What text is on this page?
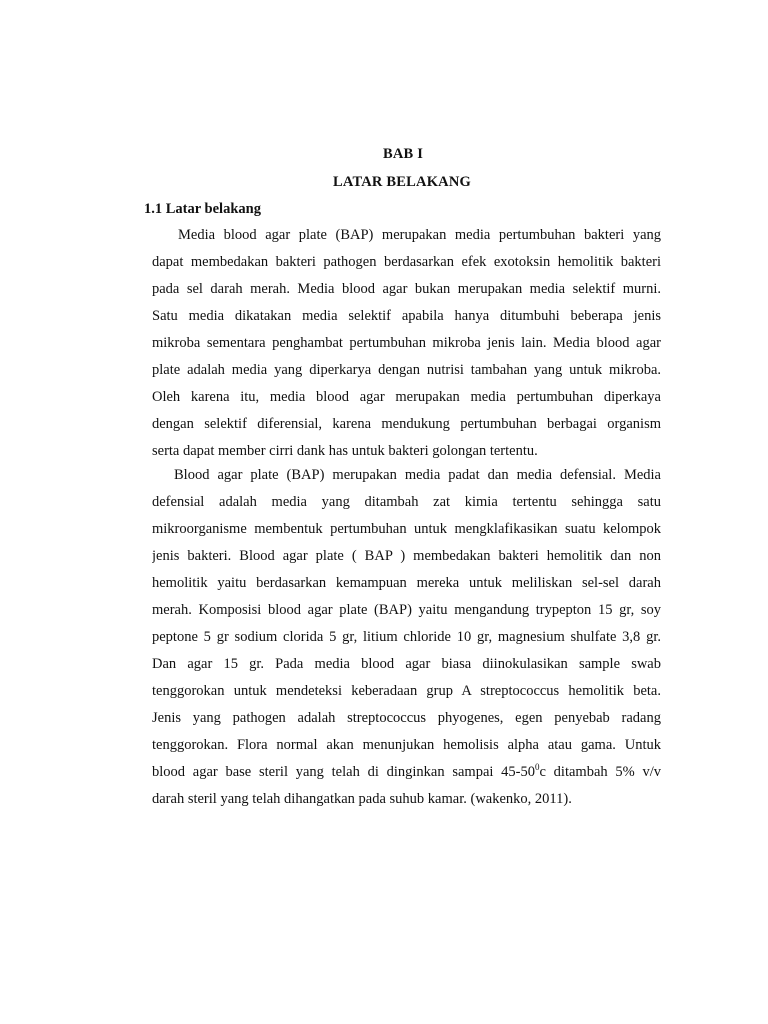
BAB I
LATAR BELAKANG
1.1 Latar belakang
Media blood agar plate (BAP) merupakan media pertumbuhan bakteri yang
dapat membedakan bakteri pathogen berdasarkan efek exotoksin hemolitik bakteri
pada sel darah merah. Media blood agar bukan merupakan media selektif murni.
Satu media dikatakan media selektif apabila hanya ditumbuhi beberapa jenis
mikroba sementara penghambat pertumbuhan mikroba jenis lain. Media blood agar
plate adalah media yang diperkarya dengan nutrisi tambahan yang untuk mikroba.
Oleh karena itu, media blood agar merupakan media pertumbuhan diperkaya
dengan selektif diferensial, karena mendukung pertumbuhan berbagai organism
serta dapat member cirri dank has untuk bakteri golongan tertentu.
Blood agar plate (BAP) merupakan media padat dan media defensial. Media
defensial adalah media yang ditambah zat kimia tertentu sehingga satu
mikroorganisme membentuk pertumbuhan untuk mengklafikasikan suatu kelompok
jenis bakteri. Blood agar plate ( BAP ) membedakan bakteri hemolitik dan non
hemolitik yaitu berdasarkan kemampuan mereka untuk meliliskan sel-sel darah
merah. Komposisi blood agar plate (BAP) yaitu mengandung trypepton 15 gr, soy
peptone 5 gr sodium clorida 5 gr, litium chloride 10 gr, magnesium shulfate 3,8 gr.
Dan agar 15 gr. Pada media blood agar biasa diinokulasikan sample swab
tenggorokan untuk mendeteksi keberadaan grup A streptococcus hemolitik beta.
Jenis yang pathogen adalah streptococcus phyogenes, egen penyebab radang
tenggorokan. Flora normal akan menunjukan hemolisis alpha atau gama. Untuk
blood agar base steril yang telah di dinginkan sampai $45-50^0c$ ditambah 5% v/v
darah steril yang telah dihangatkan pada suhub kamar. (wakenko, 2011).
